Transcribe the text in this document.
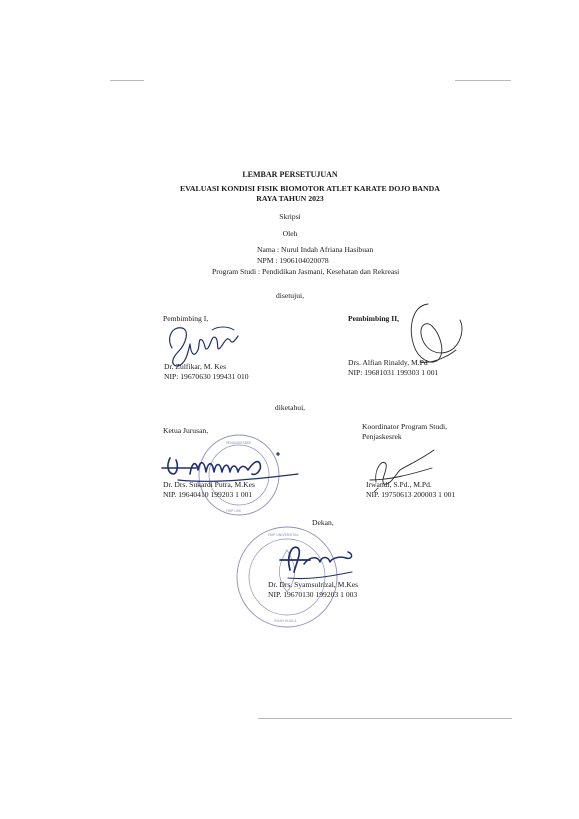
LEMBAR PERSETUJUAN
EVALUASI KONDISI FISIK BIOMOTOR ATLET KARATE DOJO BANDA
RAYA TAHUN 2023
Skripsi
Oleh
Nama : Nurul Indah Afriana Hasibuan
NPM : 1906104020078
Program Studi : Pendidikan Jasmani, Kesehatan dan Rekreasi
disetujui,
Pembimbing I,
Dr. Zulfikar, M. Kes
NIP: 19670630 199431 010
Pembimbing II,
Drs. Alfian Rinaldy, M.Pd
NIP: 19681031 199303 1 001
diketahui,
Ketua Jurusan,
PENJASKESREK
FKIP USK
Dr. Drs. Sukardi Putra, M.Kes
NIP. 19640410 199203 1 001
Koordinator Program Studi,
Penjaskesrek
Irwandi, S.Pd., M.Pd.
NIP. 19750613 200003 1 001
Dekan,
FKIP UNIVERSITAS
SYIAH KUALA
Dr. Drs. Syamsulrizal, M.Kes
NIP. 19670130 199203 1 003
